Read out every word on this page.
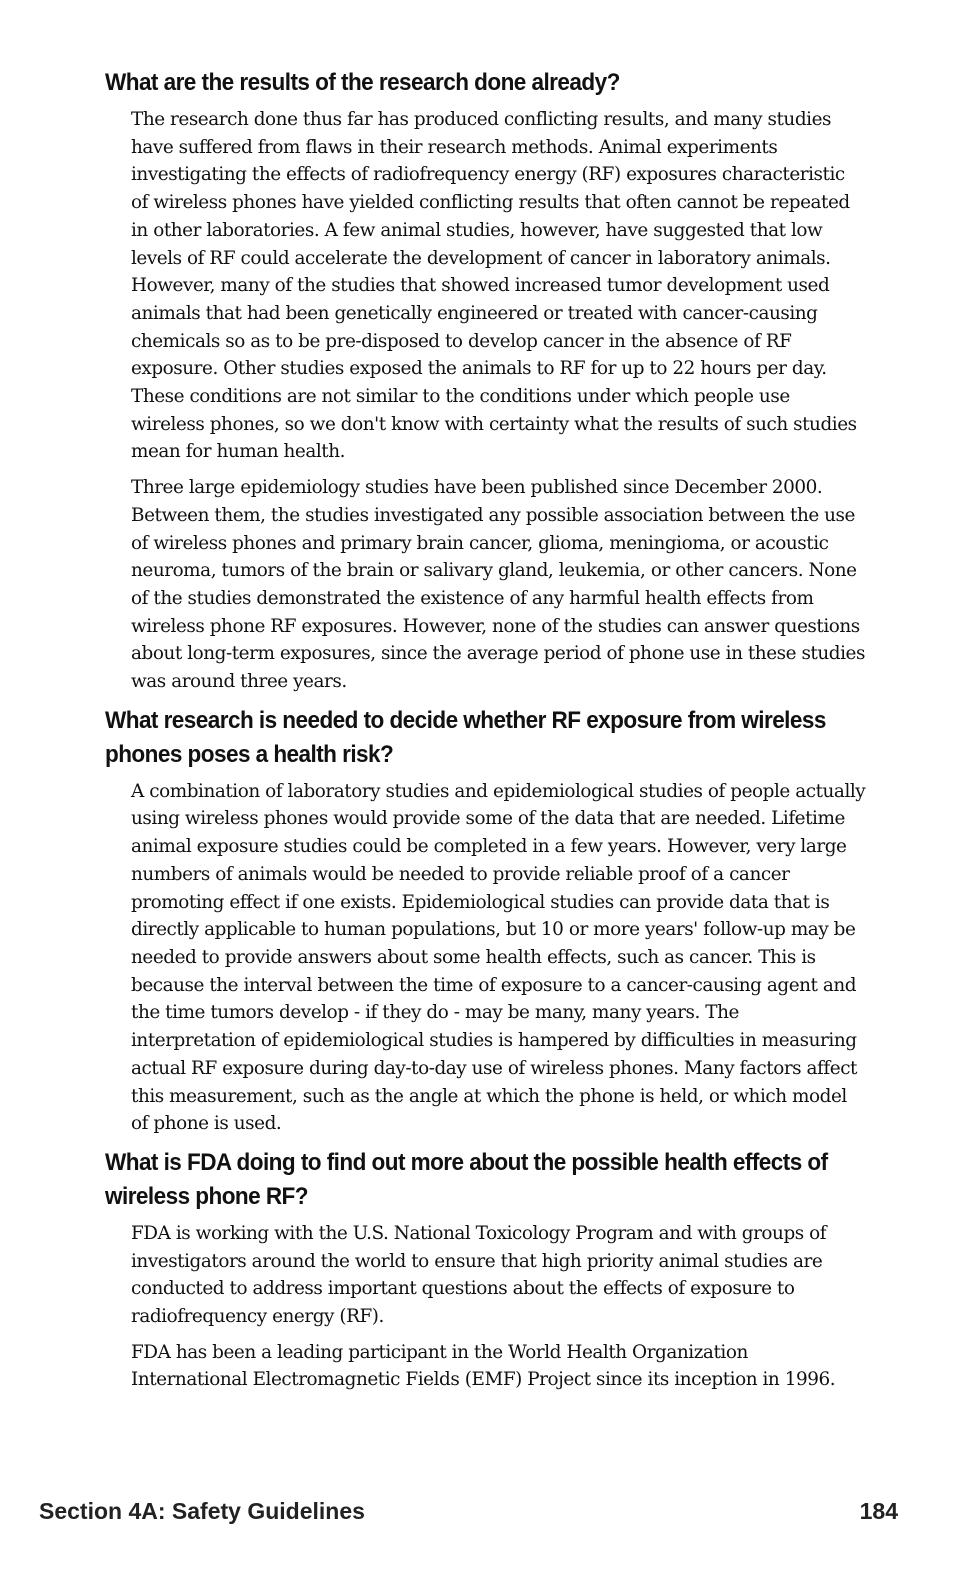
What are the results of the research done already?

The research done thus far has produced conflicting results, and many studies have suffered from flaws in their research methods. Animal experiments investigating the effects of radiofrequency energy (RF) exposures characteristic of wireless phones have yielded conflicting results that often cannot be repeated in other laboratories. A few animal studies, however, have suggested that low levels of RF could accelerate the development of cancer in laboratory animals. However, many of the studies that showed increased tumor development used animals that had been genetically engineered or treated with cancer-causing chemicals so as to be pre-disposed to develop cancer in the absence of RF exposure. Other studies exposed the animals to RF for up to 22 hours per day. These conditions are not similar to the conditions under which people use wireless phones, so we don't know with certainty what the results of such studies mean for human health.

Three large epidemiology studies have been published since December 2000. Between them, the studies investigated any possible association between the use of wireless phones and primary brain cancer, glioma, meningioma, or acoustic neuroma, tumors of the brain or salivary gland, leukemia, or other cancers. None of the studies demonstrated the existence of any harmful health effects from wireless phone RF exposures. However, none of the studies can answer questions about long-term exposures, since the average period of phone use in these studies was around three years.

What research is needed to decide whether RF exposure from wireless phones poses a health risk?

A combination of laboratory studies and epidemiological studies of people actually using wireless phones would provide some of the data that are needed. Lifetime animal exposure studies could be completed in a few years. However, very large numbers of animals would be needed to provide reliable proof of a cancer promoting effect if one exists. Epidemiological studies can provide data that is directly applicable to human populations, but 10 or more years' follow-up may be needed to provide answers about some health effects, such as cancer. This is because the interval between the time of exposure to a cancer-causing agent and the time tumors develop - if they do - may be many, many years. The interpretation of epidemiological studies is hampered by difficulties in measuring actual RF exposure during day-to-day use of wireless phones. Many factors affect this measurement, such as the angle at which the phone is held, or which model of phone is used.

What is FDA doing to find out more about the possible health effects of wireless phone RF?

FDA is working with the U.S. National Toxicology Program and with groups of investigators around the world to ensure that high priority animal studies are conducted to address important questions about the effects of exposure to radiofrequency energy (RF).

FDA has been a leading participant in the World Health Organization International Electromagnetic Fields (EMF) Project since its inception in 1996.

Section 4A: Safety Guidelines	184
